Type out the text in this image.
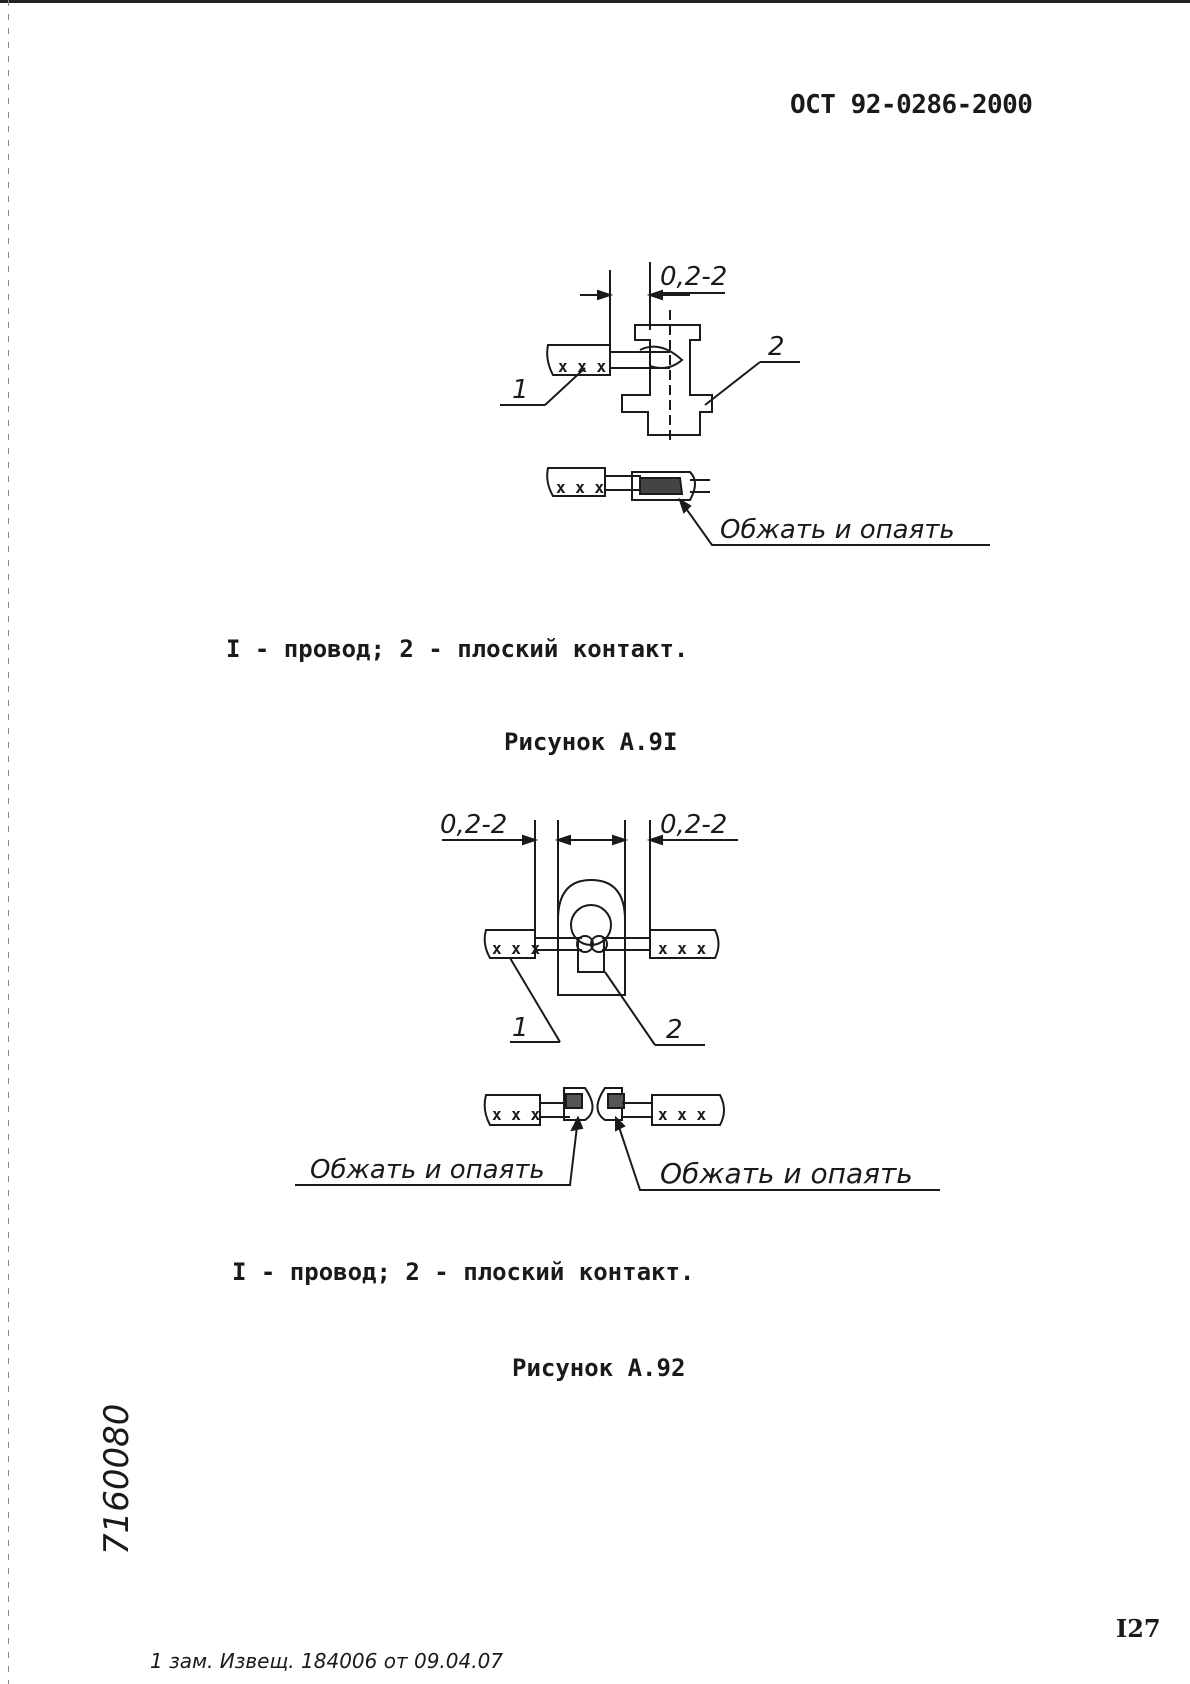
ОСТ 92-0286-2000
0,2-2
2
1
Обжать и опаять
x x x
x x x
I - провод; 2 - плоский контакт.
Рисунок А.9I
0,2-2	0,2-2
1	2
Обжать и опаять	Обжать и опаять
x x x	x x x
x x x	x x x
I - провод; 2 - плоский контакт.
Рисунок А.92
7160080
1 зам. Извещ. 184006 от 09.04.07
I27
